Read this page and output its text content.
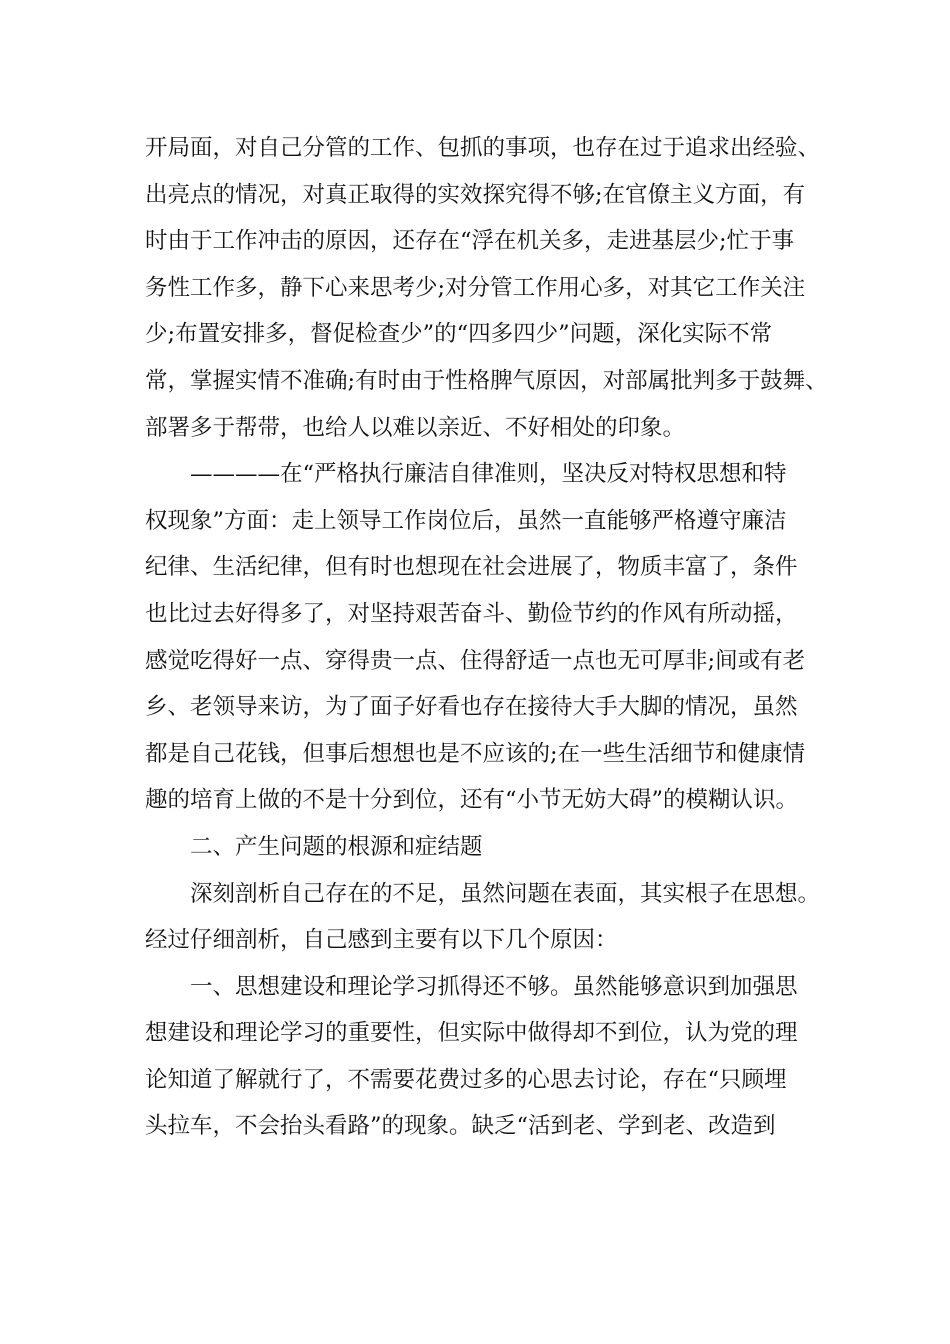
开局面，对自己分管的工作、包抓的事项，也存在过于追求出经验、
出亮点的情况，对真正取得的实效探究得不够;在官僚主义方面，有
时由于工作冲击的原因，还存在“浮在机关多，走进基层少;忙于事
务性工作多，静下心来思考少;对分管工作用心多，对其它工作关注
少;布置安排多，督促检查少”的“四多四少”问题，深化实际不常
常，掌握实情不准确;有时由于性格脾气原因，对部属批判多于鼓舞、
部署多于帮带，也给人以难以亲近、不好相处的印象。
————在“严格执行廉洁自律准则，坚决反对特权思想和特
权现象”方面：走上领导工作岗位后，虽然一直能够严格遵守廉洁
纪律、生活纪律，但有时也想现在社会进展了，物质丰富了，条件
也比过去好得多了，对坚持艰苦奋斗、勤俭节约的作风有所动摇，
感觉吃得好一点、穿得贵一点、住得舒适一点也无可厚非;间或有老
乡、老领导来访，为了面子好看也存在接待大手大脚的情况，虽然
都是自己花钱，但事后想想也是不应该的;在一些生活细节和健康情
趣的培育上做的不是十分到位，还有“小节无妨大碍”的模糊认识。
二、产生问题的根源和症结题
深刻剖析自己存在的不足，虽然问题在表面，其实根子在思想。
经过仔细剖析，自己感到主要有以下几个原因：
一、思想建设和理论学习抓得还不够。虽然能够意识到加强思
想建设和理论学习的重要性，但实际中做得却不到位，认为党的理
论知道了解就行了，不需要花费过多的心思去讨论，存在“只顾埋
头拉车，不会抬头看路”的现象。缺乏“活到老、学到老、改造到
